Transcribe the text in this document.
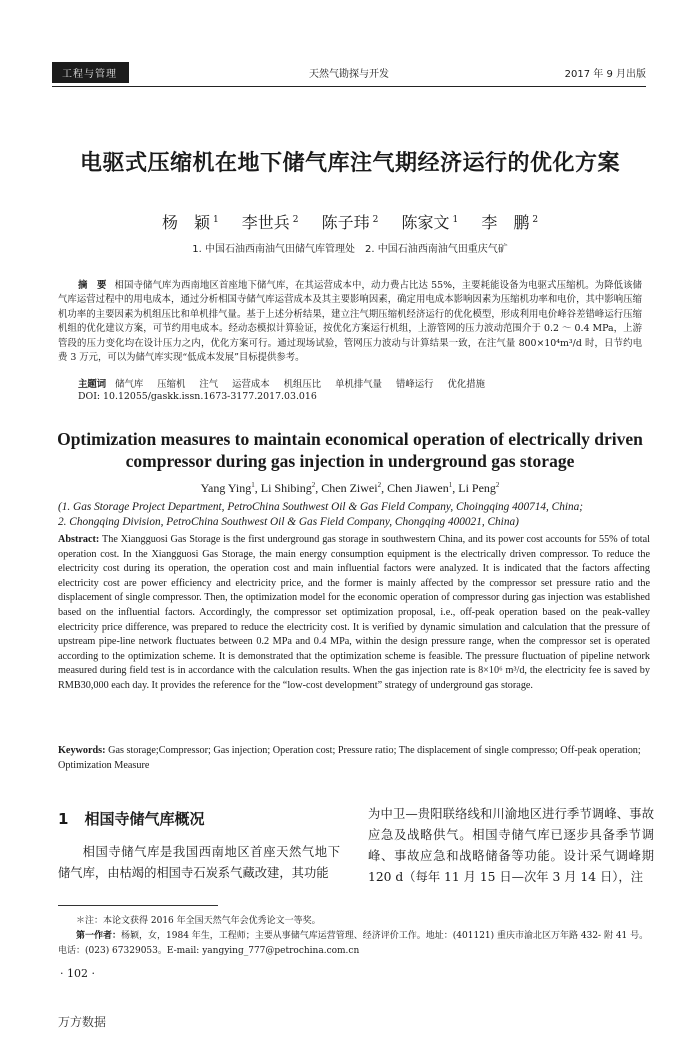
工程与管理	天然气勘探与开发	2017 年 9 月出版
电驱式压缩机在地下储气库注气期经济运行的优化方案
杨　颖 $^1$ 李世兵 $^2$ 陈子玮 $^2$ 陈家文 $^1$ 李　鹏 $^2$
1. 中国石油西南油气田储气库管理处　2. 中国石油西南油气田重庆气矿
摘　要 相国寺储气库为西南地区首座地下储气库，在其运营成本中，动力费占比达 55%，主要耗能设备为电驱式压缩机。为降低该储气库运营过程中的用电成本，通过分析相国寺储气库运营成本及其主要影响因素，确定用电成本影响因素为压缩机功率和电价，其中影响压缩机功率的主要因素为机组压比和单机排气量。基于上述分析结果，建立注气期压缩机经济运行的优化模型，形成利用电价峰谷差错峰运行压缩机组的优化建议方案，可节约用电成本。经动态模拟计算验证，按优化方案运行机组，上游管网的压力波动范围介于 0.2 ～ 0.4 MPa，上游管段的压力变化均在设计压力之内，优化方案可行。通过现场试验，管网压力波动与计算结果一致，在注气量 800×10⁴m³/d 时，日节约电费 3 万元，可以为储气库实现“低成本发展”目标提供参考。
主题词 储气库 压缩机 注气 运营成本 机组压比 单机排气量 错峰运行 优化措施
DOI: 10.12055/gaskk.issn.1673-3177.2017.03.016
Optimization measures to maintain economical operation of electrically driven compressor during gas injection in underground gas storage
Yang Ying$^1$, Li Shibing$^2$, Chen Ziwei$^2$, Chen Jiawen$^1$, Li Peng$^2$
(1. Gas Storage Project Department, PetroChina Southwest Oil & Gas Field Company, Choingqing 400714, China;
2. Chongqing Division, PetroChina Southwest Oil & Gas Field Company, Chongqing 400021, China)
Abstract: The Xiangguosi Gas Storage is the first underground gas storage in southwestern China, and its power cost accounts for 55% of total operation cost. In the Xiangguosi Gas Storage, the main energy consumption equipment is the electrically driven compressor. To reduce the electricity cost during its operation, the operation cost and main influential factors were analyzed. It is indicated that the factors affecting electricity cost are power efficiency and electricity price, and the former is mainly affected by the compressor set pressure ratio and the displacement of single compressor. Then, the optimization model for the economic operation of compressor during gas injection was established based on the influential factors. Accordingly, the compressor set optimization proposal, i.e., off-peak operation based on the peak-valley electricity price difference, was prepared to reduce the electricity cost. It is verified by dynamic simulation and calculation that the pressure of upstream pipe-line network fluctuates between 0.2 MPa and 0.4 MPa, within the design pressure range, when the compressor set is operated according to the optimization scheme. It is demonstrated that the optimization scheme is feasible. The pressure fluctuation of pipeline network measured during field test is in accordance with the calculation results. When the gas injection rate is 8×10⁶ m³/d, the electricity fee is saved by RMB30,000 each day. It provides the reference for the “low-cost development” strategy of underground gas storage.
Keywords: Gas storage;Compressor; Gas injection; Operation cost; Pressure ratio; The displacement of single compresso; Off-peak operation; Optimization Measure
1 相国寺储气库概况
相国寺储气库是我国西南地区首座天然气地下储气库，由枯竭的相国寺石炭系气藏改建，其功能
为中卫—贵阳联络线和川渝地区进行季节调峰、事故应急及战略供气。相国寺储气库已逐步具备季节调峰、事故应急和战略储备等功能。设计采气调峰期 120 d（每年 11 月 15 日—次年 3 月 14 日），注
＊注：本论文获得 2016 年全国天然气年会优秀论文一等奖。
第一作者：杨颖，女，1984 年生，工程师；主要从事储气库运营管理、经济评价工作。地址：(401121) 重庆市渝北区万年路 432- 附 41 号。电话：(023) 67329053。E-mail: yangying_777@petrochina.com.cn
· 102 ·
万方数据
